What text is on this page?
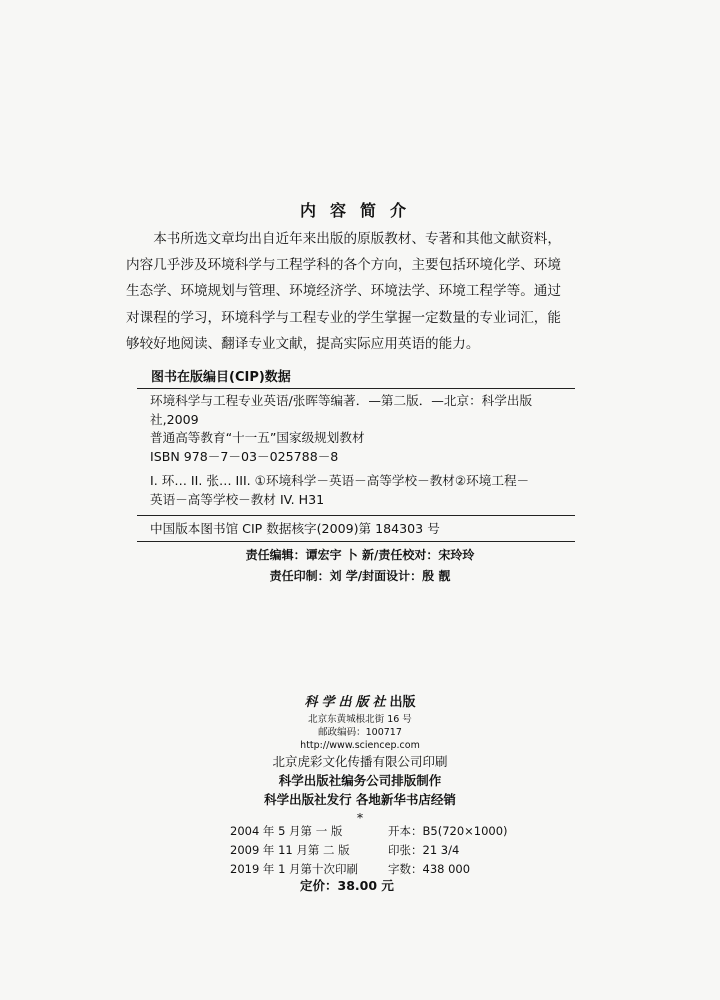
内容简介

本书所选文章均出自近年来出版的原版教材、专著和其他文献资料，

内容几乎涉及环境科学与工程学科的各个方向，主要包括环境化学、环境

生态学、环境规划与管理、环境经济学、环境法学、环境工程学等。通过

对课程的学习，环境科学与工程专业的学生掌握一定数量的专业词汇，能

够较好地阅读、翻译专业文献，提高实际应用英语的能力。

图书在版编目(CIP)数据
环境科学与工程专业英语/张晖等编著．—第二版．—北京：科学出版
社,2009
普通高等教育“十一五”国家级规划教材
ISBN 978－7－03－025788－8
I. 环… II. 张… III. ①环境科学－英语－高等学校－教材②环境工程－
英语－高等学校－教材 IV. H31
中国版本图书馆 CIP 数据核字(2009)第 184303 号
责任编辑：谭宏宇 卜 新/责任校对：宋玲玲
责任印制：刘 学/封面设计：殷 靓
科学出版社出版
北京东黄城根北街 16 号
邮政编码：100717
http://www.sciencep.com
北京虎彩文化传播有限公司印刷
科学出版社编务公司排版制作
科学出版社发行 各地新华书店经销
*
2004 年 5 月第 一 版	开本：B5(720×1000)
2009 年 11 月第 二 版	印张：21 3/4
2019 年 1 月第十次印刷	字数：438 000
定价：38.00 元
